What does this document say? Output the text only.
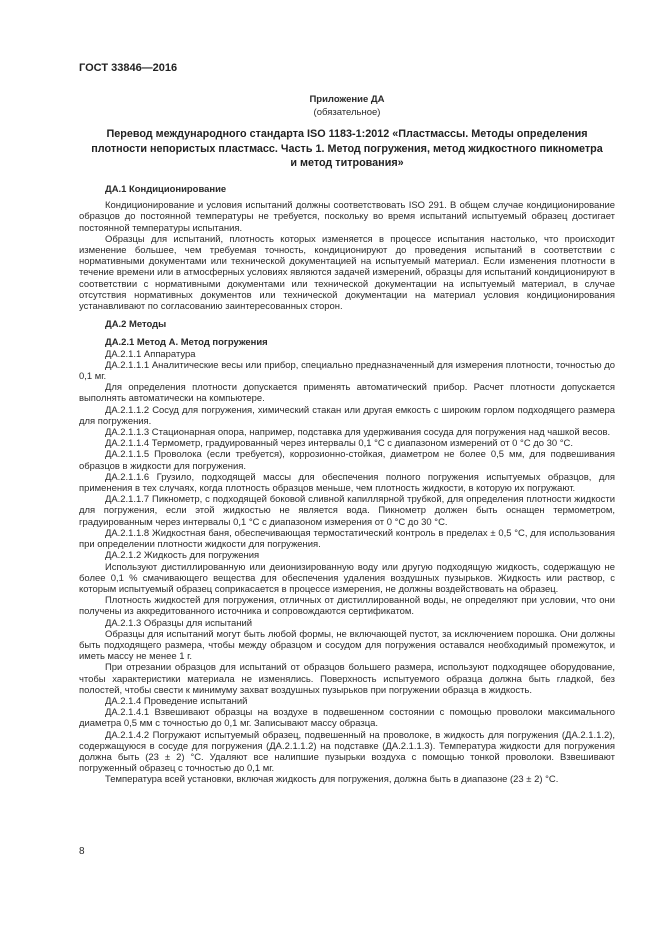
ГОСТ 33846—2016
Приложение ДА
(обязательное)
Перевод международного стандарта ISO 1183-1:2012 «Пластмассы. Методы определения
плотности непористых пластмасс. Часть 1. Метод погружения, метод жидкостного пикнометра
и метод титрования»

ДА.1 Кондиционирование

Кондиционирование и условия испытаний должны соответствовать ISO 291. В общем случае кондиционирование образцов до постоянной температуры не требуется, поскольку во время испытаний испытуемый образец достигает постоянной температуры испытания.

Образцы для испытаний, плотность которых изменяется в процессе испытания настолько, что происходит изменение большее, чем требуемая точность, кондиционируют до проведения испытаний в соответствии с нормативными документами или технической документацией на испытуемый материал. Если изменения плотности в течение времени или в атмосферных условиях являются задачей измерений, образцы для испытаний кондиционируют в соответствии с нормативными документами или технической документации на испытуемый материал, в случае отсутствия нормативных документов или технической документации на материал условия кондиционирования устанавливают по согласованию заинтересованных сторон.

ДА.2 Методы

ДА.2.1 Метод А. Метод погружения

ДА.2.1.1 Аппаратура

ДА.2.1.1.1 Аналитические весы или прибор, специально предназначенный для измерения плотности, точностью до 0,1 мг.

Для определения плотности допускается применять автоматический прибор. Расчет плотности допускается выполнять автоматически на компьютере.

ДА.2.1.1.2 Сосуд для погружения, химический стакан или другая емкость с широким горлом подходящего размера для погружения.

ДА.2.1.1.3 Стационарная опора, например, подставка для удерживания сосуда для погружения над чашкой весов.

ДА.2.1.1.4 Термометр, градуированный через интервалы 0,1 °С с диапазоном измерений от 0 °С до 30 °С.

ДА.2.1.1.5 Проволока (если требуется), коррозионно-стойкая, диаметром не более 0,5 мм, для подвешивания образцов в жидкости для погружения.

ДА.2.1.1.6 Грузило, подходящей массы для обеспечения полного погружения испытуемых образцов, для применения в тех случаях, когда плотность образцов меньше, чем плотность жидкости, в которую их погружают.

ДА.2.1.1.7 Пикнометр, с подходящей боковой сливной капиллярной трубкой, для определения плотности жидкости для погружения, если этой жидкостью не является вода. Пикнометр должен быть оснащен термометром, градуированным через интервалы 0,1 °С с диапазоном измерения от 0 °С до 30 °С.

ДА.2.1.1.8 Жидкостная баня, обеспечивающая термостатический контроль в пределах ± 0,5 °С, для использования при определении плотности жидкости для погружения.

ДА.2.1.2 Жидкость для погружения

Используют дистиллированную или деионизированную воду или другую подходящую жидкость, содержащую не более 0,1 % смачивающего вещества для обеспечения удаления воздушных пузырьков. Жидкость или раствор, с которым испытуемый образец соприкасается в процессе измерения, не должны воздействовать на образец.

Плотность жидкостей для погружения, отличных от дистиллированной воды, не определяют при условии, что они получены из аккредитованного источника и сопровождаются сертификатом.

ДА.2.1.3 Образцы для испытаний

Образцы для испытаний могут быть любой формы, не включающей пустот, за исключением порошка. Они должны быть подходящего размера, чтобы между образцом и сосудом для погружения оставался необходимый промежуток, и иметь массу не менее 1 г.

При отрезании образцов для испытаний от образцов большего размера, используют подходящее оборудование, чтобы характеристики материала не изменялись. Поверхность испытуемого образца должна быть гладкой, без полостей, чтобы свести к минимуму захват воздушных пузырьков при погружении образца в жидкость.

ДА.2.1.4 Проведение испытаний

ДА.2.1.4.1 Взвешивают образцы на воздухе в подвешенном состоянии с помощью проволоки максимального диаметра 0,5 мм с точностью до 0,1 мг. Записывают массу образца.

ДА.2.1.4.2 Погружают испытуемый образец, подвешенный на проволоке, в жидкость для погружения (ДА.2.1.1.2), содержащуюся в сосуде для погружения (ДА.2.1.1.2) на подставке (ДА.2.1.1.3). Температура жидкости для погружения должна быть (23 ± 2) °С. Удаляют все налипшие пузырьки воздуха с помощью тонкой проволоки. Взвешивают погруженный образец с точностью до 0,1 мг.

Температура всей установки, включая жидкость для погружения, должна быть в диапазоне (23 ± 2) °С.

8
